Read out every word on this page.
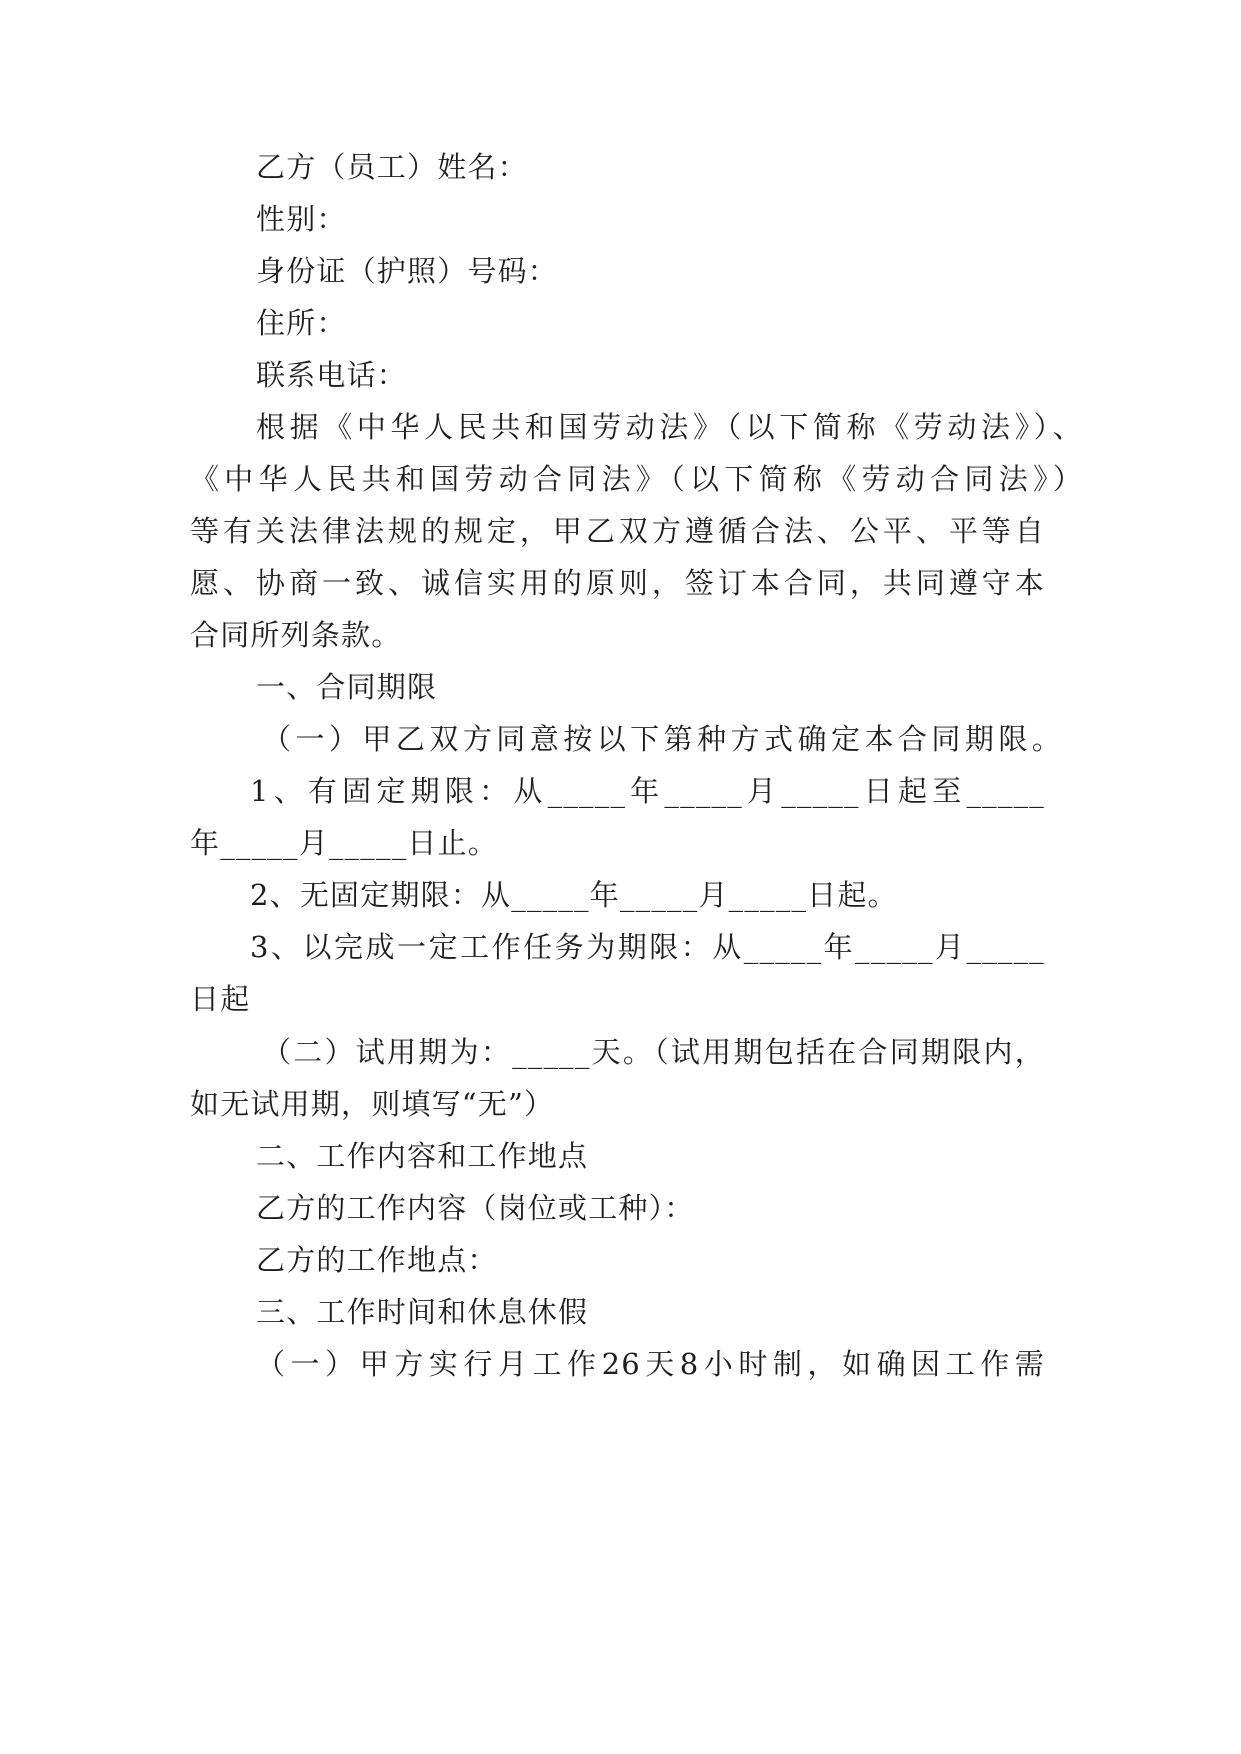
乙方（员工）姓名：

性别：

身份证（护照）号码：

住所：

联系电话：

根据《中华人民共和国劳动法》（以下简称《劳动法》）、

《中华人民共和国劳动合同法》（以下简称《劳动合同法》）

等有关法律法规的规定，甲乙双方遵循合法、公平、平等自

愿、协商一致、诚信实用的原则，签订本合同，共同遵守本

合同所列条款。

一、合同期限

（一）甲乙双方同意按以下第种方式确定本合同期限。

1、有固定期限：从_____年_____月_____日起至_____

年_____月_____日止。

2、无固定期限：从_____年_____月_____日起。

3、以完成一定工作任务为期限：从_____年_____月_____

日起

（二）试用期为：_____天。（试用期包括在合同期限内，

如无试用期，则填写“无”）

二、工作内容和工作地点

乙方的工作内容（岗位或工种）：

乙方的工作地点：

三、工作时间和休息休假

（一）甲方实行月工作26天8小时制，如确因工作需
